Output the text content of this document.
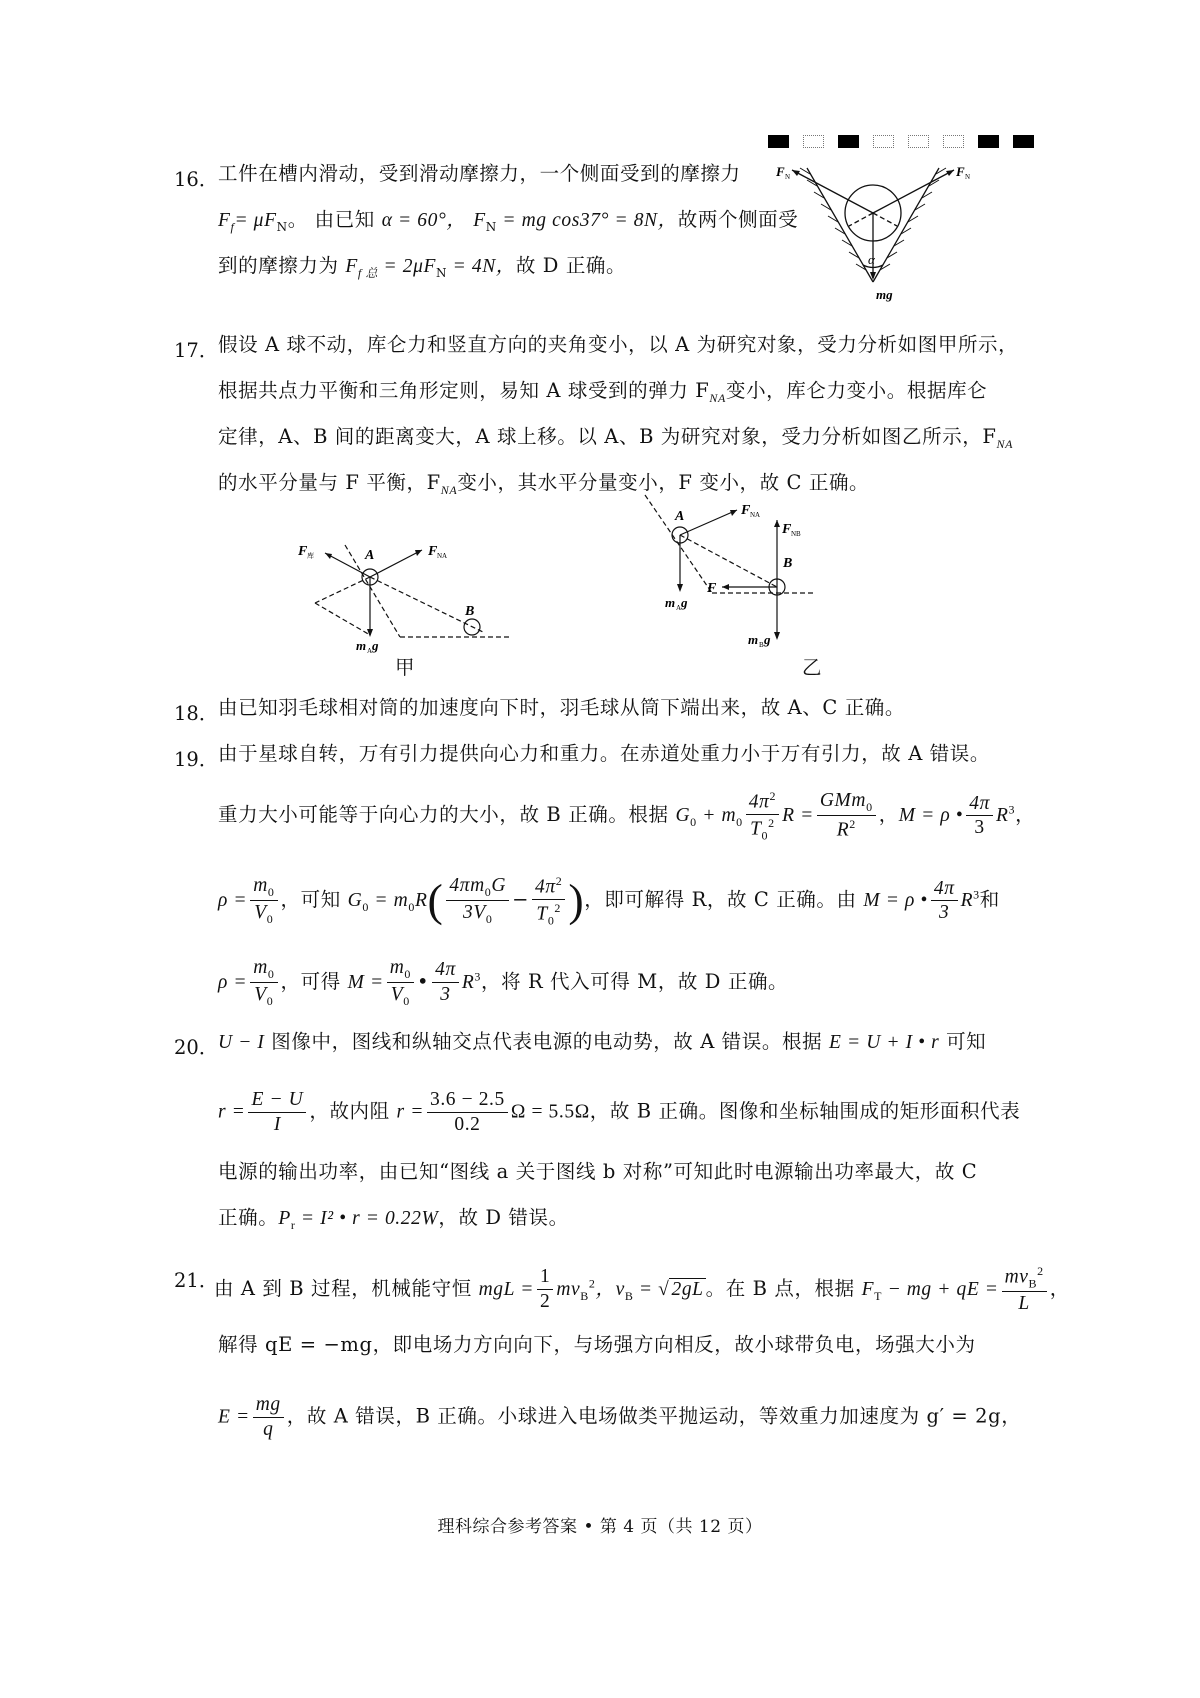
16． 工件在槽内滑动，受到滑动摩擦力，一个侧面受到的摩擦力
$F_f= \mu F_N$。 由已知 α = 60°， $F_N$ = mg cos37° = 8N，故两个侧面受
到的摩擦力为 $F_{f 总} = 2\mu F_N = 4N$，故 D 正确。
F N	F N
α
mg
17． 假设 A 球不动，库仑力和竖直方向的夹角变小，以 A 为研究对象，受力分析如图甲所示，
根据共点力平衡和三角形定则，易知 A 球受到的弹力 $F_{NA}$变小，库仑力变小。根据库仑
定律，A、B 间的距离变大，A 球上移。以 A、B 为研究对象，受力分析如图乙所示，$F_{NA}$
的水平分量与 F 平衡，$F_{NA}$变小，其水平分量变小，F 变小，故 C 正确。
F 库	A	F NA
B
m A g
甲
A	F NA
F NB
B
F
m A g
m B g
乙
18． 由已知羽毛球相对筒的加速度向下时，羽毛球从筒下端出来，故 A、C 正确。
19． 由于星球自转，万有引力提供向心力和重力。在赤道处重力小于万有引力，故 A 错误。
重力大小可能等于向心力的大小，故 B 正确。根据 $G_0 + m_0 \frac{4\pi^2}{T_0^2}$ $R = \frac{GMm_0}{R^2}$ ，M = ρ • $\frac{4\pi}{3} R^3$，
$\rho = \frac{m_0}{V_0}$ ，可知 $G_0 = m_0R( \frac{4\pi m_0G}{3V_0} - \frac{4\pi^2}{T_0^2}$ )，即可解得 R，故 C 正确。由 M = ρ • $\frac{4\pi}{3} R^3$和
$\rho = \frac{m_0}{V_0}$ ，可得 $M = \frac{m_0}{V_0}$ • $\frac{4\pi}{3} R^3$，将 R 代入可得 M，故 D 正确。
20． U − I 图像中，图线和纵轴交点代表电源的电动势，故 A 错误。根据 E = U + I • r 可知
$r = \frac{E - U}{I}$ ，故内阻 $r = \frac{3.6 - 2.5}{0.2}$ Ω = 5.5Ω，故 B 正确。图像和坐标轴围成的矩形面积代表
电源的输出功率，由已知“图线 a 关于图线 b 对称”可知此时电源输出功率最大，故 C
正确。$P_r = I^2$ • r = 0.22W，故 D 错误。
21．
由 A 到 B 过程，机械能守恒 mgL = $\frac{1}{2} mv_B^2$，$v_B$ = √ 2gL 。在 B 点，根据 $F_T$ − mg + qE = $\frac{mv_B^2}{L}$ ，
解得 qE = −mg，即电场力方向向下，与场强方向相反，故小球带负电，场强大小为
$E = \frac{mg}{q}$ ，故 A 错误，B 正确。小球进入电场做类平抛运动，等效重力加速度为 g′ = 2g，
理科综合参考答案 • 第 4 页（共 12 页）
